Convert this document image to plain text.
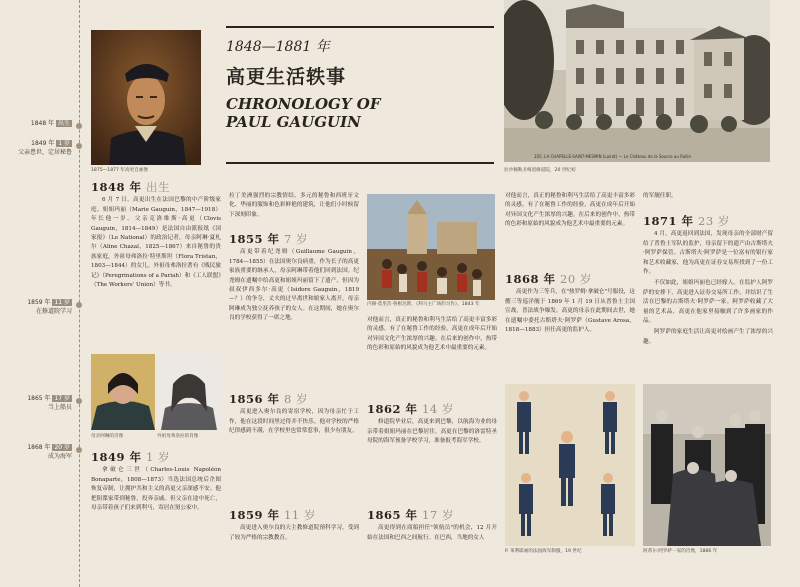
1848 年 出生
1849 年 1 岁
父亲患世，定居秘鲁
1859 年 11 岁
在修道院学习
1865 年 17 岁
当上船员
1868 年 20 岁
成为海军
1875—1877 年高更自画像
1848—1881 年
高更生活轶事
CHRONOLOGY OF
PAUL GAUGUIN
105. LA CHAPELLE-SAINT-MESMIN (Loiret) — Le Château de la Source au Rollin
拉沙佩勒圣梅恩修道院，20 世纪初
1848 年 出生

6 月 7 日，高更出生在法国巴黎的中产阶级家庭。姐姐玛丽（Marie Gauguin，1847—1918）年长他一岁。父亲克洛维斯·高更（Clovis Gauguin，1814—1849）是法国自由派报纸《国家报》（Le National）的政治记者，母亲阿琳·夏札尔（Aline Chazal，1825—1867）来自秘鲁的贵族家庭，外祖母弗洛拉·特里斯坦（Flora Tristan，1803—1844）的女儿。外祖母弗洛拉著有《贱民旅记》（Peregrinations of a Pariah）和《工人联盟》（The Workers' Union）等书。

母亲阿琳的肖像	外祖母弗洛拉的肖像
1849 年 1 岁

拿破仑三世（Charles-Louis Napoléon Bonaparte，1808—1873）当选法国总统后企图恢复帝制，让拥护共和主义的高更父亲深感不安。他把阻谍家带到秘鲁，投奔亲戚。但父亲在途中死亡，母亲带着孩子们来到利马，寄居在舅公家中。

拉丁美洲强烈的宗教情结、多元的秘鲁和西班牙文化、华丽的服饰和色彩鲜艳的建筑，让他们小时候留下深刻印象。

1855 年 7 岁

高更带着纪尧姆（Guillaume Gauguin，1784—1855）在法国奥尔良病重，作为长子的高更家族重要的继承人，母亲阿琳带着他们回到法国。纪尧姆在遗嘱中给高更和姐姐玛丽留下了遗产，但因为叔叔伊西多尔·高更（Isidore Gauguin，1819—？）的争夺，丈夫的过早离世和娘家人离开，母亲阿琳成为独立抚养孩子的女人。在这期间，她在奥尔良的学校获得了一席之地。

1856 年 8 岁

高更进入奥尔良的寄宿学校，因为母亲忙于工作，他在这段时间里过得并不快乐。他对学校的严格纪律感到不满，在学校里也常常惹事，很少有朋友。

1859 年 11 岁

高更进入奥尔良的天主教修道院预科学习，受到了较为严格的宗教教育。

内阁·莫里茨·鲁根达斯，《利马主广场的习作》，1843 年

对他而言，真正的秘鲁和利马生活给了高更丰富多彩的灵感。有了在秘鲁工作的经验，高更在成年后开始对异国文化产生浓厚的兴趣。在后来的创作中，热带的色彩和原始的风貌成为他艺术中最重要的元素。

1862 年 14 岁

修道院毕业后，高更来到巴黎，以航海为业的母亲带着姐姐玛丽在巴黎居住。高更在巴黎的洛雷特圣母院的海军预备学校学习，准备报考海军学校。

1865 年 17 岁

高更得到在商船担任"领航员"的机会，12 月开始在法国和巴西之间航行。在巴西，当地的女人

对他而言，真正的秘鲁和利马生活给了高更丰富多彩的灵感。有了在秘鲁工作的经验，高更在成年后开始对异国文化产生浓厚的兴趣。在后来的创作中，热带的色彩和原始的风貌成为他艺术中最重要的元素。

1868 年 20 岁

高更作为三等兵，在"热罗姆·拿破仑"号服役，这艘三等巡洋舰于 1869 年 1 月 19 日从普鲁士主国宣战，普法战争爆发。高更的母亲在此期间去世，她在遗嘱中委托古斯塔夫·阿罗萨（Gustave Arosa，1818—1883）担任高更的监护人。

P. 莱利耶画的法国海军制服，19 世纪

的军舰任职。

1871 年 23 岁

4 月，高更返回到法国，发现母亲的全部财产留给了普鲁士军队的监护，母亲留下的遗产由古斯塔夫·阿罗萨保管。古斯塔夫·阿罗萨是一位富有的银行家和艺术收藏家，他为高更在证券交易所找到了一份工作。

不仅如此，姐姐玛丽也已经嫁人。在监护人阿罗萨的安排下，高更进入证券交易所工作，并结识了生活在巴黎的古斯塔夫·阿罗萨一家。阿罗萨收藏了大量的艺术品，高更在他家里接触到了许多画家的作品。

阿罗萨的家庭生活让高更对绘画产生了浓厚的兴趣。

阿蒂尔·阿罗萨一家的肖像，1886 年
